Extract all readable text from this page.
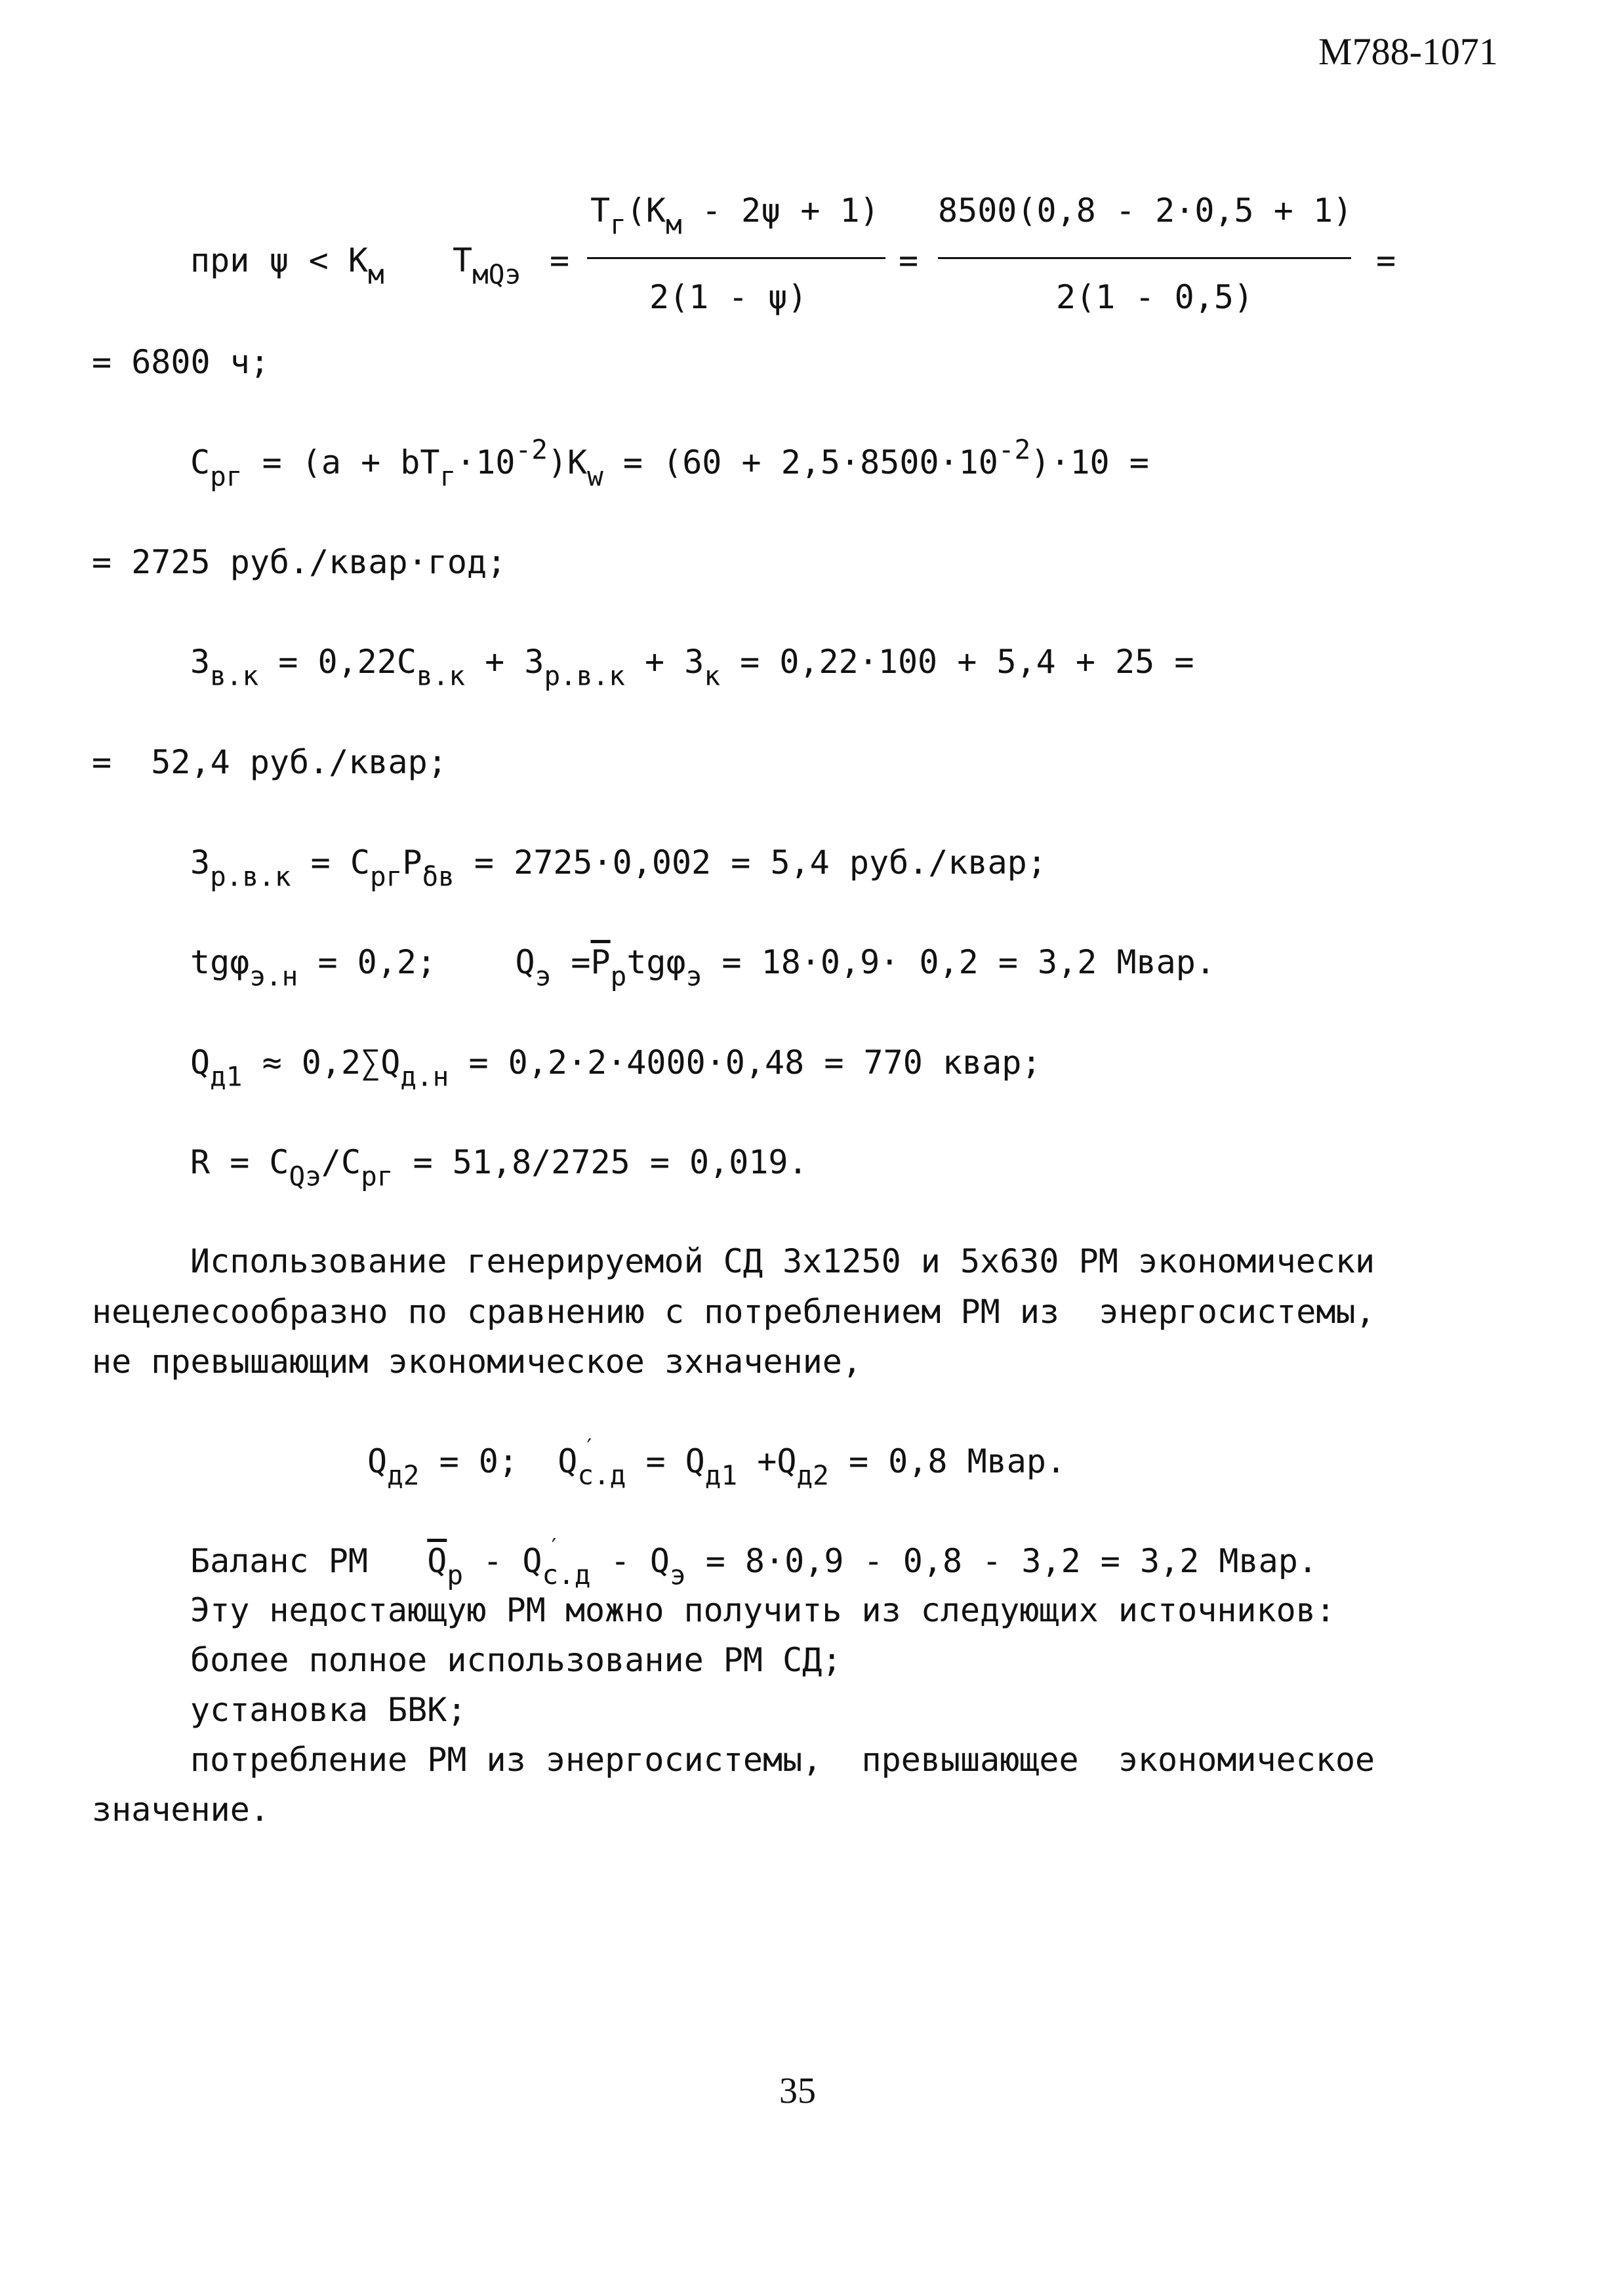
M788-1071
при $\psi < К_м$ $Т_{мQэ}$ =
$Т_г(К_м - 2\psi + 1)$
2(1 - ψ)
=
8500(0,8 - 2·0,5 + 1)
2(1 - 0,5)
=
= 6800 ч;
$С_{рг} = (а + bТ_г\cdot 10^{-2})К_w = (60 + 2,5\cdot 8500\cdot 10^{-2})\cdot 10$ =
= 2725 руб./квар·год;
$З_{в.к} = 0,22С_{в.к} + З_{р.в.к} + З_к = 0,22\cdot 100 + 5,4 + 25$ =
=  52,4 руб./квар;
$З_{р.в.к} = С_{рг}Р_{\delta в} = 2725\cdot 0,002 = 5,4$ руб./квар;
tgφ$_{э.н}$ = 0,2;    $Q_э =Р_рtg\varphi_э = 18\cdot 0,9\cdot 0,2 = 3,2$ Мвар.
$Q_{д1} \approx 0,2\sum Q_{д.н} = 0,2\cdot 2\cdot 4000\cdot 0,48 = 770$ квар;
$R = C_{Qэ}/C_{рг} = 51,8/2725 = 0,019$.
Использование генерируемой СД 3х1250 и 5х630 РМ экономически
нецелесообразно по сравнению с потреблением РМ из  энергосистемы,
не превышающим экономическое зхначение,
$Q_{д2} = 0$;  Q′ $_{с.д} = Q_{д1} +Q_{д2} = 0,8$ Мвар.
Баланс РМ   $\overline{Q}_р - Q'$ $_{с.д} - Q_э = 8\cdot 0,9 - 0,8 - 3,2 = 3,2$ Мвар.
Эту недостающую РМ можно получить из следующих источников:
более полное использование РМ СД;
установка БВК;
потребление РМ из энергосистемы,  превышающее  экономическое
значение.
35
